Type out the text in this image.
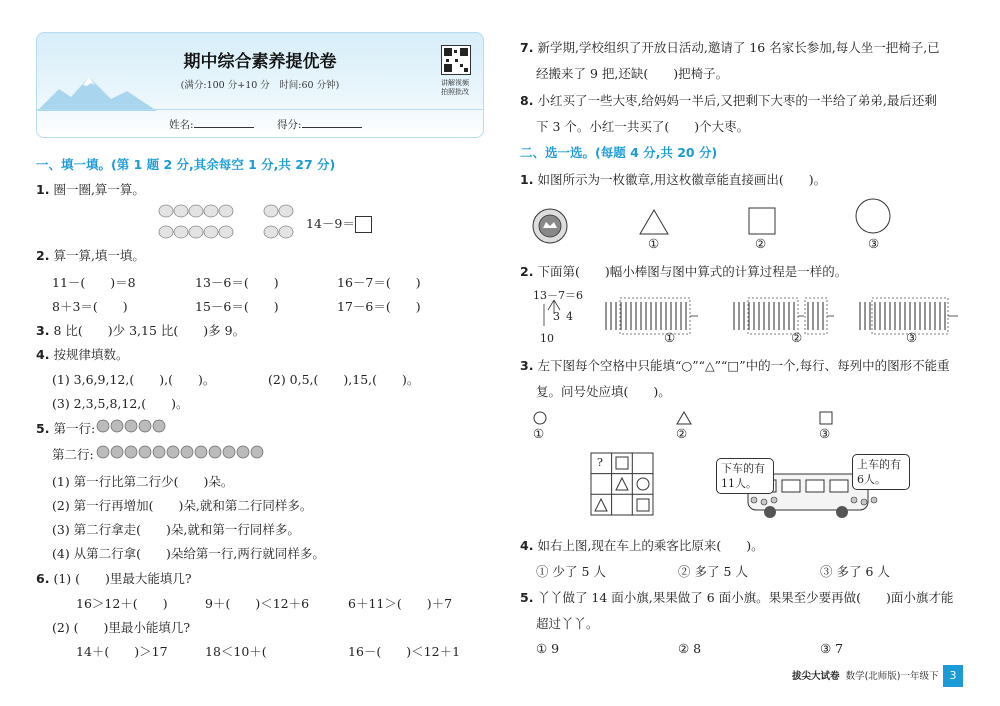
期中综合素养提优卷
(满分:100 分+10 分　时间:60 分钟)	讲解视频
拍照批改
姓名:	得分:
一、填一填。(第 1 题 2 分,其余每空 1 分,共 27 分)
1. 圈一圈,算一算。
14－9＝
2. 算一算,填一填。
11－(　　)＝8	13－6＝(　　)	16－7＝(　　)
8＋3＝(　　)	15－6＝(　　)	17－6＝(　　)
3. 8 比(　　)少 3,15 比(　　)多 9。
4. 按规律填数。
(1) 3,6,9,12,(　　),(　　)。	(2) 0,5,(　　),15,(　　)。
(3) 2,3,5,8,12,(　　)。
5. 第一行:
第二行:
(1) 第一行比第二行少(　　)朵。
(2) 第一行再增加(　　)朵,就和第二行同样多。
(3) 第二行拿走(　　)朵,就和第一行同样多。
(4) 从第二行拿(　　)朵给第一行,两行就同样多。
6. (1) (　　)里最大能填几?
16＞12＋(　　)	9＋(　　)＜12＋6	6＋11＞(　　)＋7
(2) (　　)里最小能填几?
14＋(　　)＞17	18＜10＋(　　	16－(　　)＜12＋1
7. 新学期,学校组织了开放日活动,邀请了 16 名家长参加,每人坐一把椅子,已
经搬来了 9 把,还缺(　　)把椅子。
8. 小红买了一些大枣,给妈妈一半后,又把剩下大枣的一半给了弟弟,最后还剩
下 3 个。小红一共买了(　　)个大枣。
二、选一选。(每题 4 分,共 20 分)
1. 如图所示为一枚徽章,用这枚徽章能直接画出(　　)。
①	②	③
2. 下面第(　　)幅小棒图与图中算式的计算过程是一样的。
13－7＝6
3 4
10	①	②	③
3. 左下图每个空格中只能填“○”“△”“□”中的一个,每行、每列中的图形不能重
复。问号处应填(　　)。
①	②	③
?	下车的有
11人。
上车的有
6人。
4. 如右上图,现在车上的乘客比原来(　　)。
① 少了 5 人	② 多了 5 人	③ 多了 6 人
5. 丫丫做了 14 面小旗,果果做了 6 面小旗。果果至少要再做(　　)面小旗才能
超过丫丫。
① 9	② 8	③ 7
拔尖大试卷 数学(北师版)一年级下	3
